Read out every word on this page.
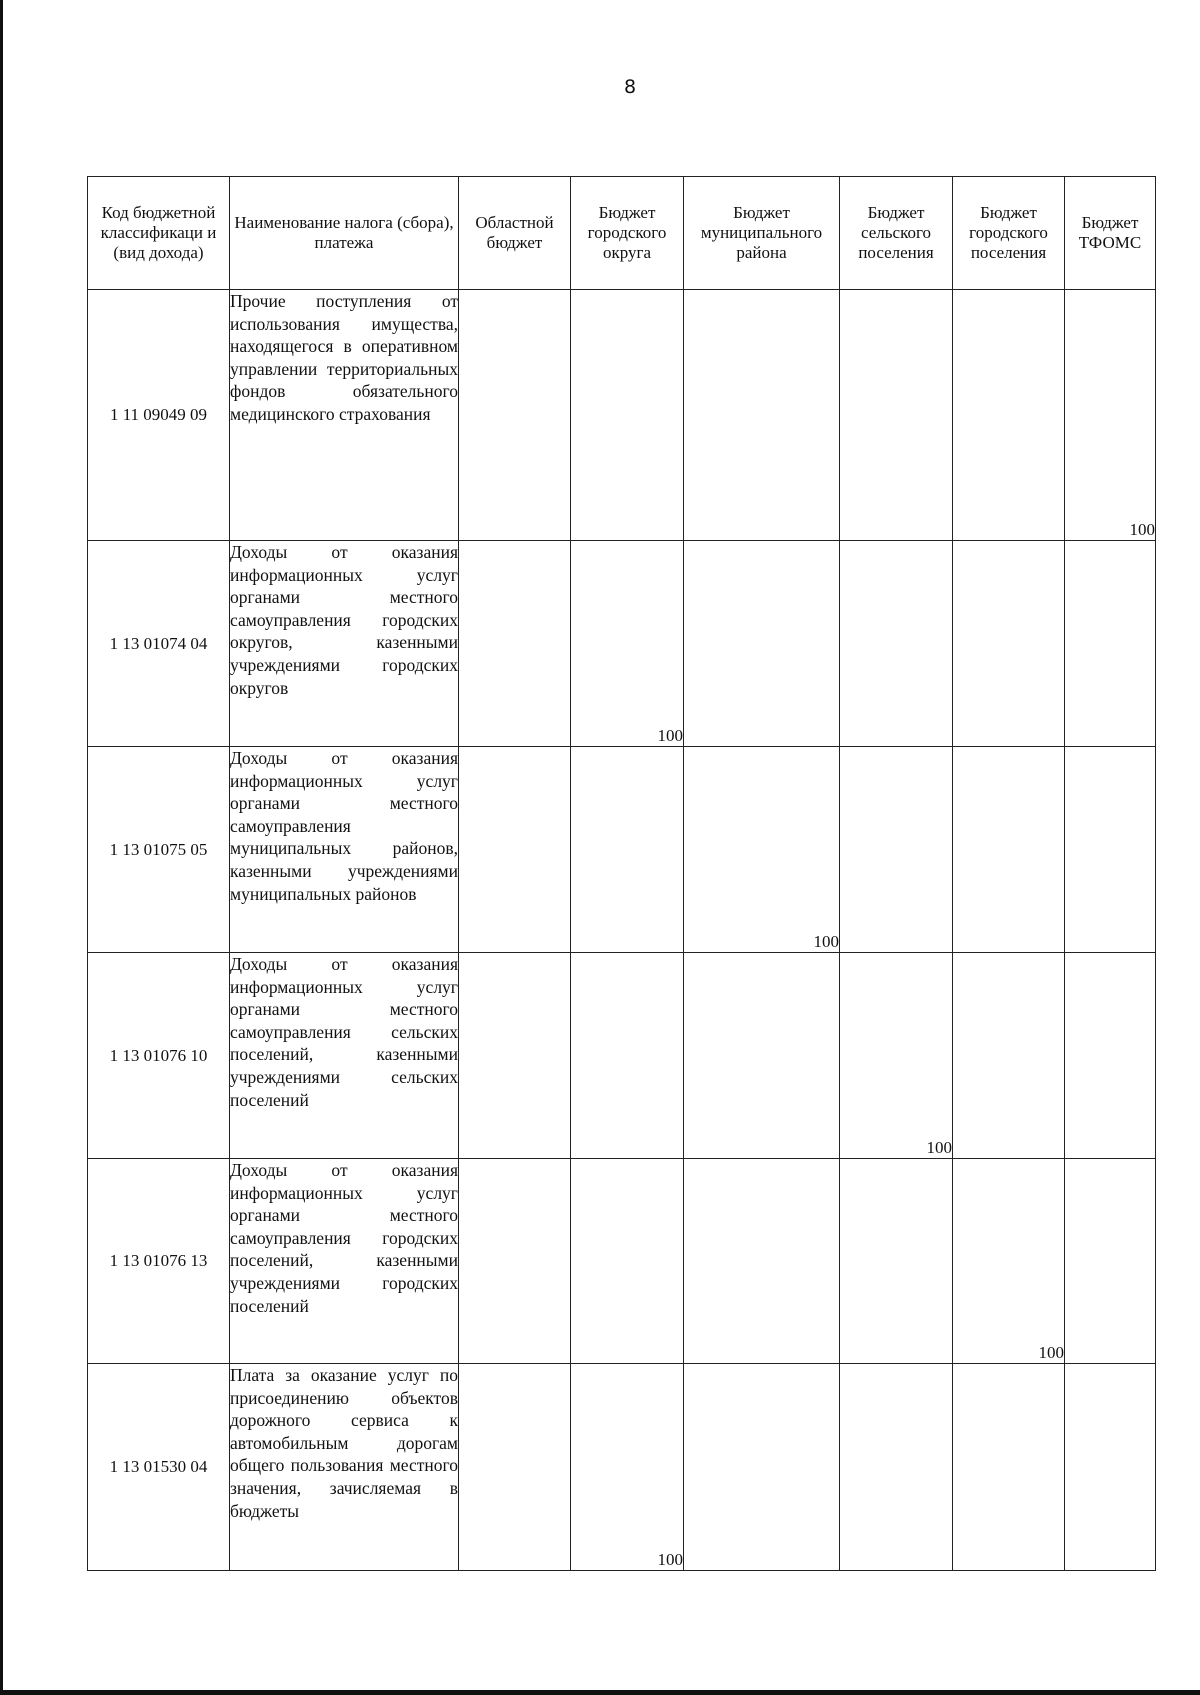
8
Код бюджетной классификаци и (вид дохода)	Наименование налога (сбора), платежа	Областной бюджет	Бюджет городского округа	Бюджет муниципального района	Бюджет сельского поселения	Бюджет городского поселения	Бюджет ТФОМС
1 11 09049 09	Прочие поступления от использования имущества, находящегося в оперативном управлении территориальных фондов обязательного медицинского страхования						100
1 13 01074 04	Доходы от оказания информационных услуг органами местного самоуправления городских округов, казенными учреждениями городских округов		100				
1 13 01075 05	Доходы от оказания информационных услуг органами местного самоуправления муниципальных районов, казенными учреждениями муниципальных районов			100			
1 13 01076 10	Доходы от оказания информационных услуг органами местного самоуправления сельских поселений, казенными учреждениями сельских поселений				100		
1 13 01076 13	Доходы от оказания информационных услуг органами местного самоуправления городских поселений, казенными учреждениями городских поселений					100	
1 13 01530 04	Плата за оказание услуг по присоединению объектов дорожного сервиса к автомобильным дорогам общего пользования местного значения, зачисляемая в бюджеты		100				
